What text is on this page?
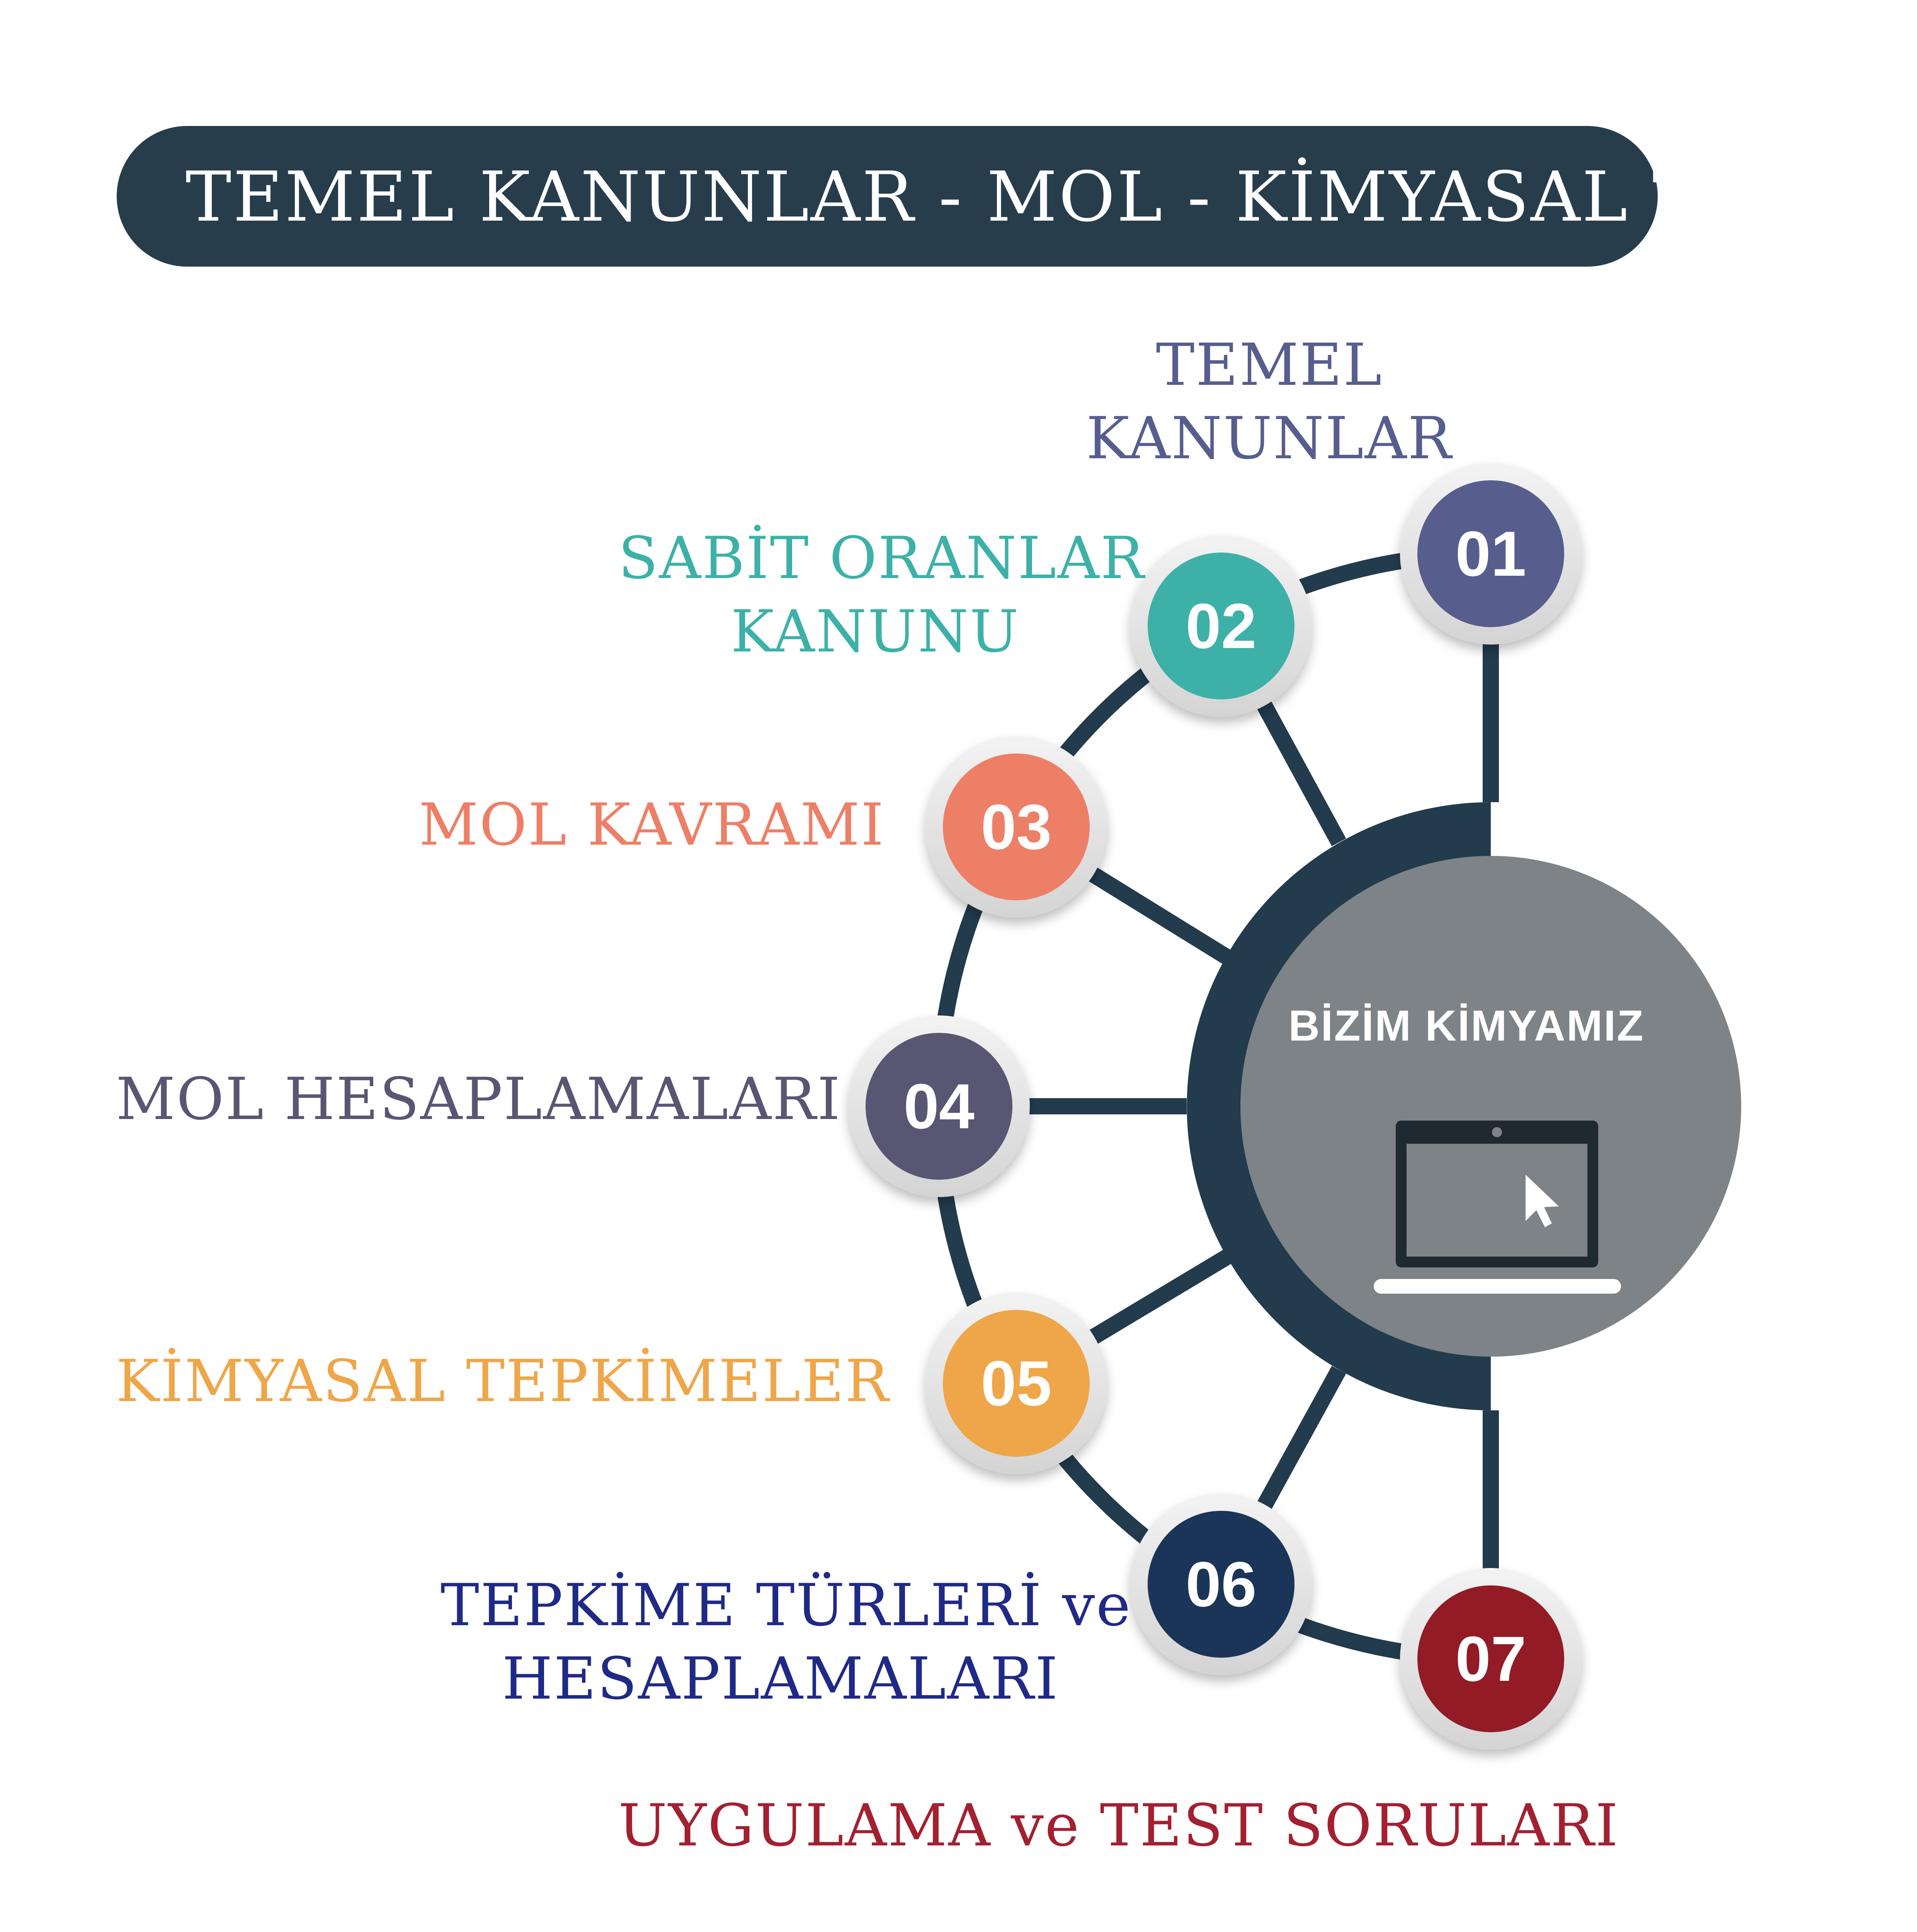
TEMEL KANUNLAR - MOL - KİMYASAL TEP.
TEMEL
KANUNLAR
SABİT ORANLAR
KANUNU
MOL KAVRAMI
MOL HESAPLAMALARI
KİMYASAL TEPKİMELER
TEPKİME TÜRLERİ ve
HESAPLAMALARI
UYGULAMA ve TEST SORULARI
01
02
03
04
05
06
07
BİZİM KİMYAMIZ
